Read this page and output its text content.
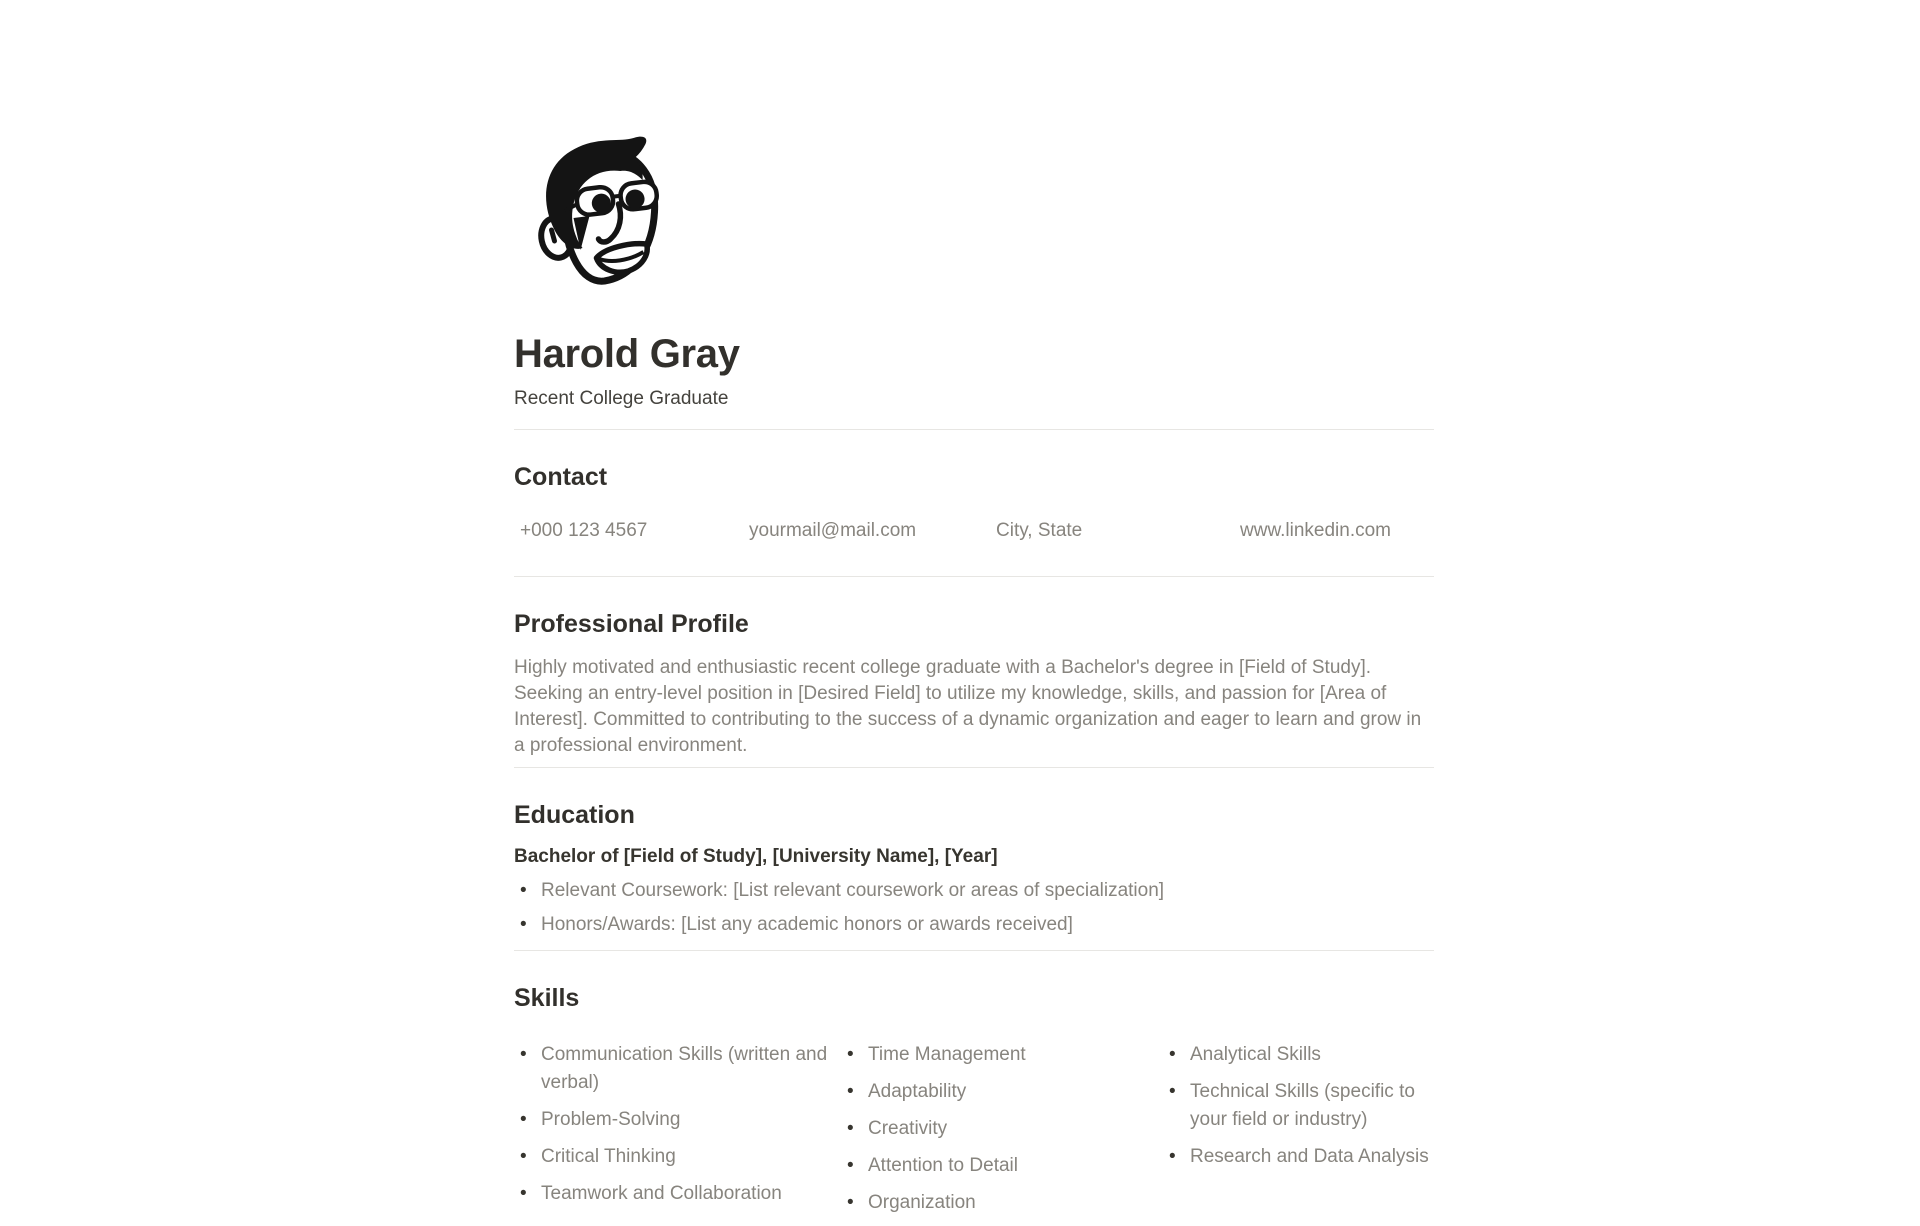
Harold Gray

Recent College Graduate

Contact
+000 123 4567	yourmail@mail.com	City, State	www.linkedin.com
Professional Profile

Highly motivated and enthusiastic recent college graduate with a Bachelor's degree in [Field of Study]. Seeking an entry-level position in [Desired Field] to utilize my knowledge, skills, and passion for [Area of Interest]. Committed to contributing to the success of a dynamic organization and eager to learn and grow in a professional environment.

Education

Bachelor of [Field of Study], [University Name], [Year]

• Relevant Coursework: [List relevant coursework or areas of specialization]
• Honors/Awards: [List any academic honors or awards received]
Skills
• Communication Skills (written and verbal)
• Problem-Solving
• Critical Thinking
• Teamwork and Collaboration
• Time Management
• Adaptability
• Creativity
• Attention to Detail
• Organization
• Analytical Skills
• Technical Skills (specific to your field or industry)
• Research and Data Analysis
